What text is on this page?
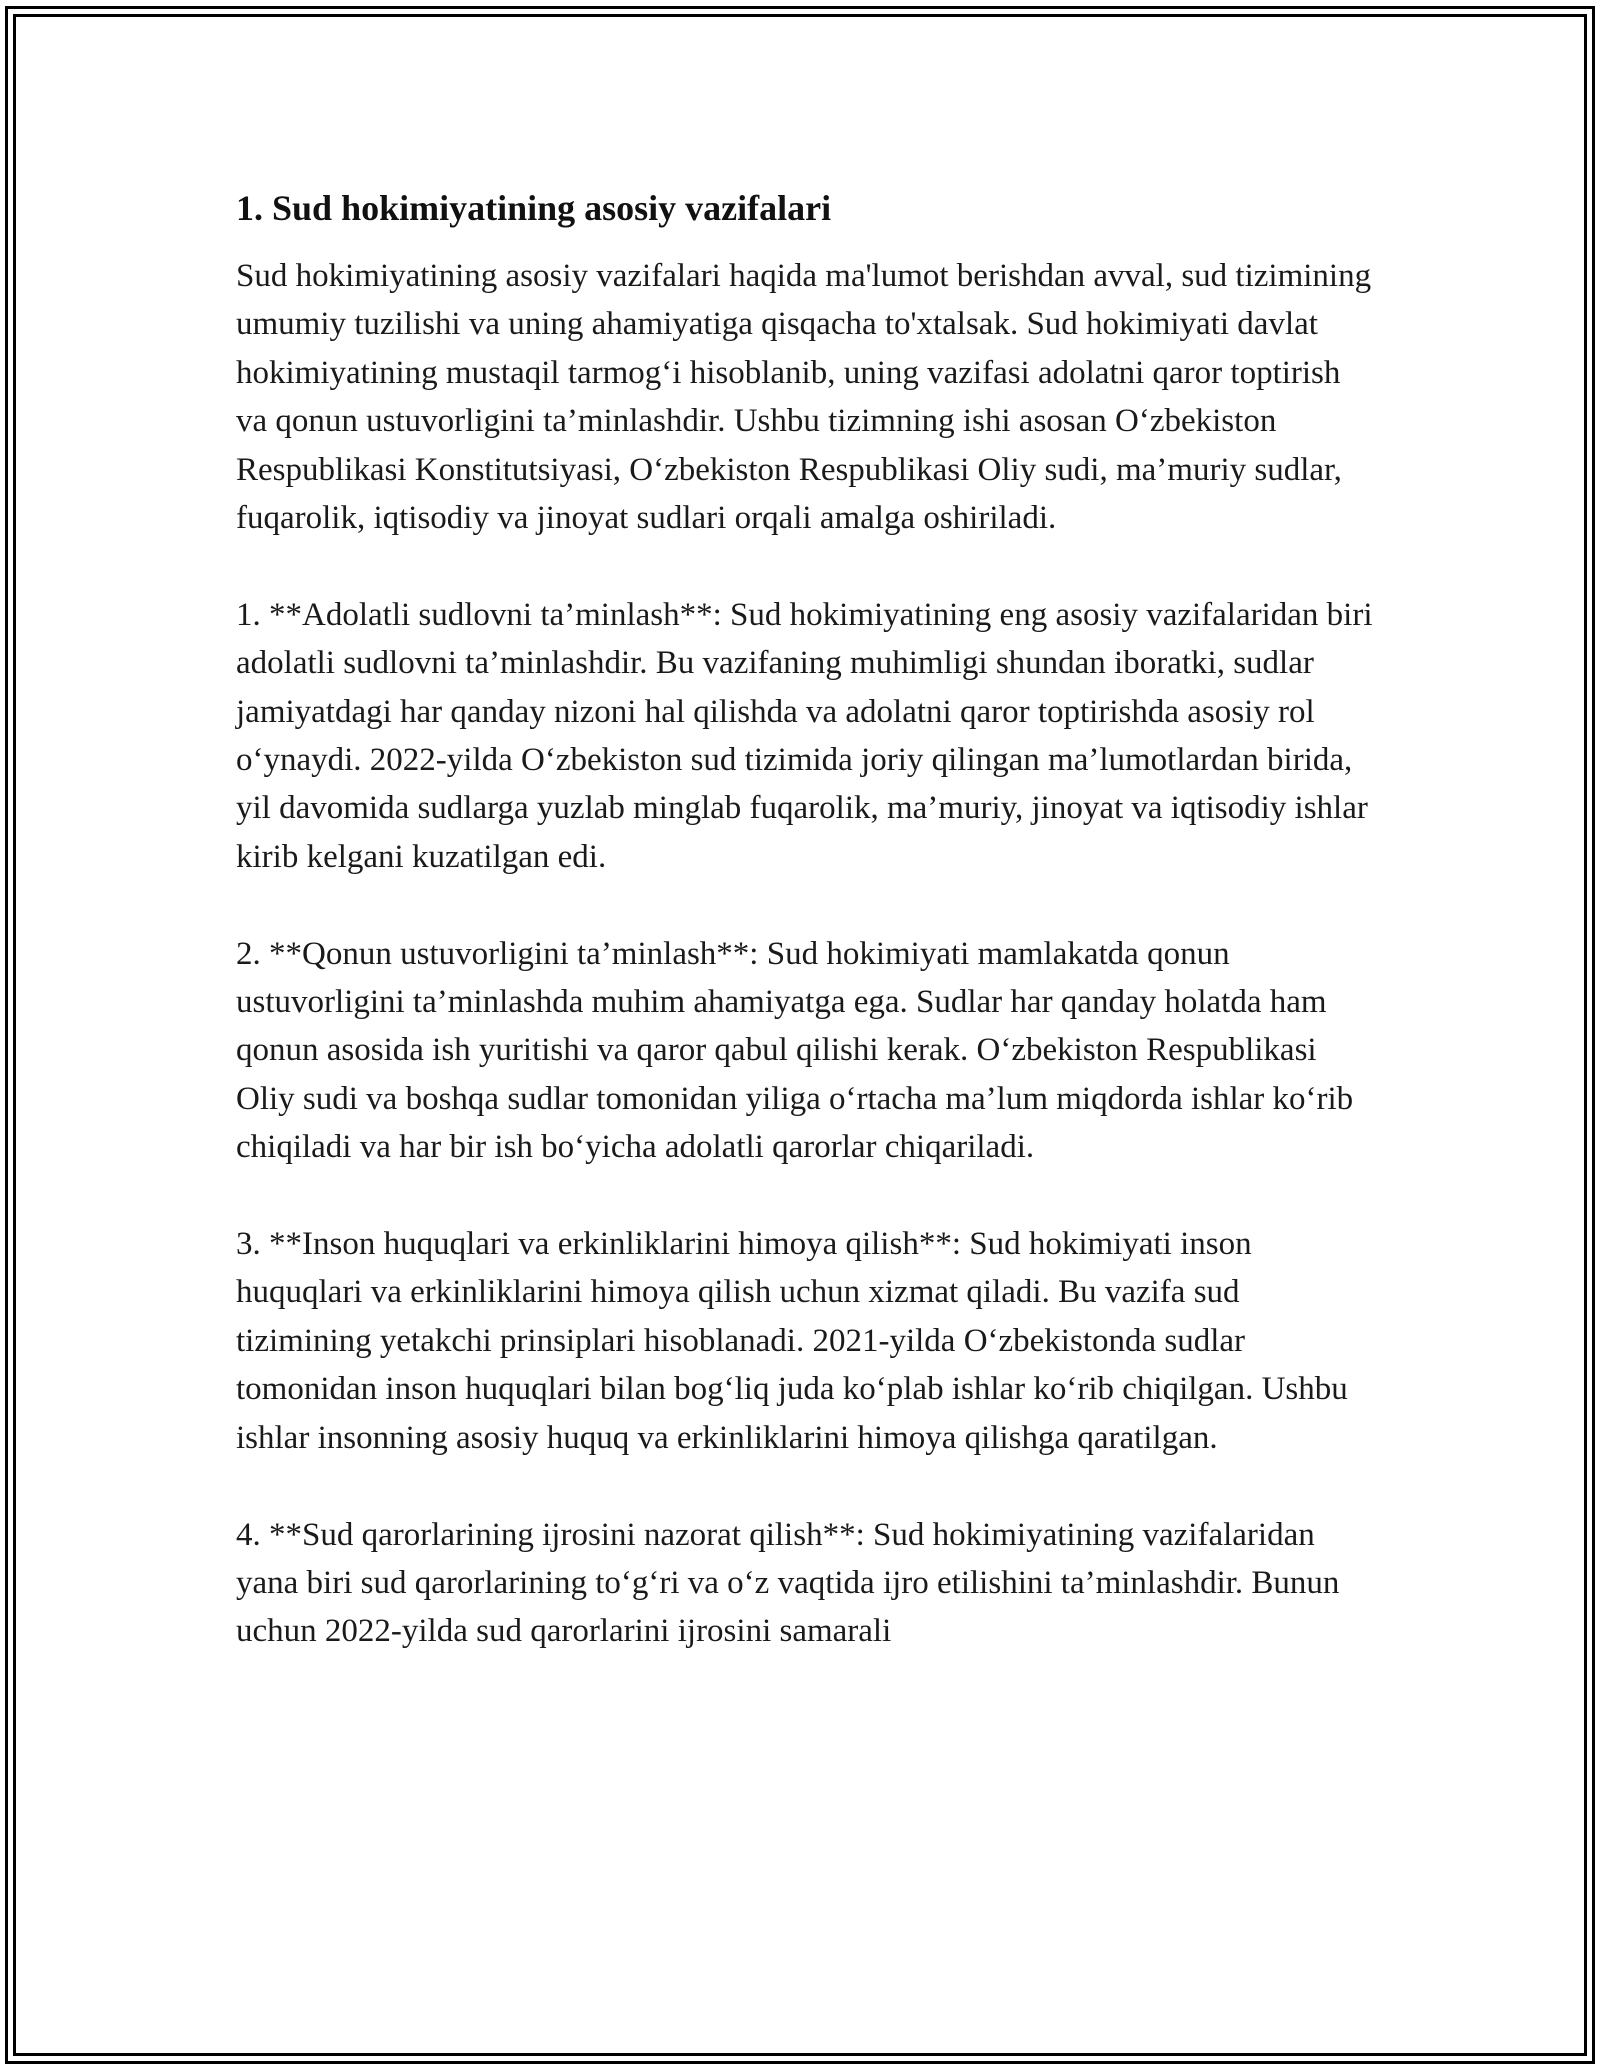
1. Sud hokimiyatining asosiy vazifalari

Sud hokimiyatining asosiy vazifalari haqida ma'lumot berishdan avval, sud tizimining umumiy tuzilishi va uning ahamiyatiga qisqacha to'xtalsak. Sud hokimiyati davlat hokimiyatining mustaqil tarmog‘i hisoblanib, uning vazifasi adolatni qaror toptirish va qonun ustuvorligini ta’minlashdir. Ushbu tizimning ishi asosan O‘zbekiston Respublikasi Konstitutsiyasi, O‘zbekiston Respublikasi Oliy sudi, ma’muriy sudlar, fuqarolik, iqtisodiy va jinoyat sudlari orqali amalga oshiriladi.

1. **Adolatli sudlovni ta’minlash**: Sud hokimiyatining eng asosiy vazifalaridan biri adolatli sudlovni ta’minlashdir. Bu vazifaning muhimligi shundan iboratki, sudlar jamiyatdagi har qanday nizoni hal qilishda va adolatni qaror toptirishda asosiy rol o‘ynaydi. 2022-yilda O‘zbekiston sud tizimida joriy qilingan ma’lumotlardan birida, yil davomida sudlarga yuzlab minglab fuqarolik, ma’muriy, jinoyat va iqtisodiy ishlar kirib kelgani kuzatilgan edi.

2. **Qonun ustuvorligini ta’minlash**: Sud hokimiyati mamlakatda qonun ustuvorligini ta’minlashda muhim ahamiyatga ega. Sudlar har qanday holatda ham qonun asosida ish yuritishi va qaror qabul qilishi kerak. O‘zbekiston Respublikasi Oliy sudi va boshqa sudlar tomonidan yiliga o‘rtacha ma’lum miqdorda ishlar ko‘rib chiqiladi va har bir ish bo‘yicha adolatli qarorlar chiqariladi.

3. **Inson huquqlari va erkinliklarini himoya qilish**: Sud hokimiyati inson huquqlari va erkinliklarini himoya qilish uchun xizmat qiladi. Bu vazifa sud tizimining yetakchi prinsiplari hisoblanadi. 2021-yilda O‘zbekistonda sudlar tomonidan inson huquqlari bilan bog‘liq juda ko‘plab ishlar ko‘rib chiqilgan. Ushbu ishlar insonning asosiy huquq va erkinliklarini himoya qilishga qaratilgan.

4. **Sud qarorlarining ijrosini nazorat qilish**: Sud hokimiyatining vazifalaridan yana biri sud qarorlarining to‘g‘ri va o‘z vaqtida ijro etilishini ta’minlashdir. Bunun uchun 2022-yilda sud qarorlarini ijrosini samarali
